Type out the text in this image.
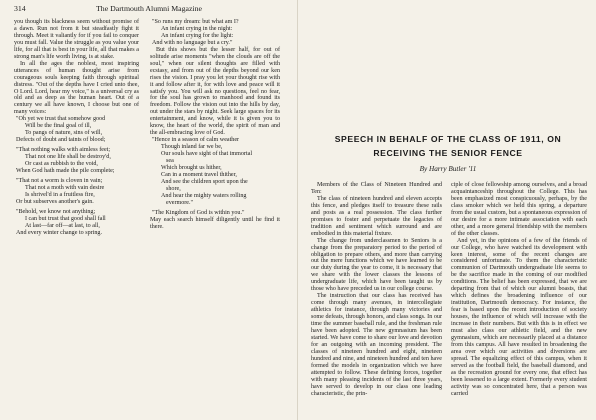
314	The Dartmouth Alumni Magazine

you though its blackness seem without promise of a dawn. Run not from it but steadfastly fight it through. Meet it valiantly for if you fail to conquer you must fall. Value the struggle as you value your life, for all that is best in your life, all that makes a strong man's life worth living, is at stake.

In all the ages the noblest, most inspiring utterances of human thought arise from courageous souls keeping faith through spiritual distress. "Out of the depths have I cried unto thee, O Lord. Lord, hear my voice," is a universal cry as old and as deep as the human heart. Out of a century we all have known, I choose but one of many voices:

"Oh yet we trust that somehow good
Will be the final goal of ill,
To pangs of nature, sins of will,
Defects of doubt and taints of blood;
"That nothing walks with aimless feet;
That not one life shall be destroy'd,
Or cast as rubbish to the void,
When God hath made the pile complete;
"That not a worm is cloven in vain;
That not a moth with vain desire
Is shrivel'd in a fruitless fire,
Or but subserves another's gain.
"Behold, we know not anything;
I can but trust that good shall fall
At last—far off—at last, to all,
And every winter change to spring.
"So runs my dream: but what am I?
An infant crying in the night:
An infant crying for the light:
And with no language but a cry."

But this shows but the lesser half, for out of solitude arise moments "when the clouds are off the soul," when our silent thoughts are filled with ecstasy, and from out of the depths beyond our ken rises the vision. I pray you let your thought rise with it and follow after it, for with love and peace will it satisfy you. You will ask no questions, feel no fear, for the soul has grown to manhood and found its freedom. Follow the vision out into the hills by day, out under the stars by night. Seek large spaces for its entertainment, and know, while it is given you to know, the heart of the world, the spirit of man and the all-embracing love of God.

"Hence in a season of calm weather
Though inland far we be,
Our souls have sight of that immortal
sea
Which brought us hither,
Can in a moment travel thither,
And see the children sport upon the
shore,
And hear the mighty waters rolling
evermore."
"The Kingdom of God is within you."

May each search himself diligently until he find it there.

SPEECH IN BEHALF OF THE CLASS OF 1911, ON
RECEIVING THE SENIOR FENCE

By Harry Butler '11

Members of the Class of Nineteen Hundred and Ten:

The class of nineteen hundred and eleven accepts this fence, and pledges itself to treasure these rails and posts as a real possession. The class further promises to foster and perpetuate the legacies of tradition and sentiment which surround and are embodied in this material fixture.

The change from underclassmen to Seniors is a change from the preparatory period to the period of obligation to prepare others, and more than carrying out the mere functions which we have learned to be our duty during the year to come, it is necessary that we share with the lower classes the lessons of undergraduate life, which have been taught us by those who have preceded us in our college course.

The instruction that our class has received has come through many avenues, in intercollegiate athletics for instance, through many victories and some defeats, through honors, and class songs. In our time the summer baseball rule, and the freshman rule have been adopted. The new gymnasium has been started. We have come to share our love and devotion for an outgoing with an incoming president. The classes of nineteen hundred and eight, nineteen hundred and nine, and nineteen hundred and ten have formed the models in organization which we have attempted to follow. These defining forces, together with many pleasing incidents of the last three years, have served to develop in our class one leading characteristic, the prin-

ciple of close fellowship among ourselves, and a broad acquaintanceship throughout the College. This has been emphasized most conspicuously, perhaps, by the class smoker which we held this spring, a departure from the usual custom, but a spontaneous expression of our desire for a more intimate association with each other, and a more general friendship with the members of the other classes.

And yet, in the opinions of a few of the friends of our College, who have watched its development with keen interest, some of the recent changes are considered unfortunate. To them the characteristic communion of Dartmouth undergraduate life seems to be the sacrifice made in the coming of our modified conditions. The belief has been expressed, that we are departing from that of which our alumni boasts, that which defines the broadening influence of our institution, Dartmouth democracy. For instance, the fear is based upon the recent introduction of society houses, the influence of which will increase with the increase in their numbers. But with this is in effect we must also class our athletic field, and the new gymnasium, which are necessarily placed at a distance from this campus. All have resulted in broadening the area over which our activities and diversions are spread. The equalizing effect of this campus, when it served as the football field, the baseball diamond, and as the recreation ground for every one, that effect has been lessened to a large extent. Formerly every student activity was so concentrated here, that a person was carried
